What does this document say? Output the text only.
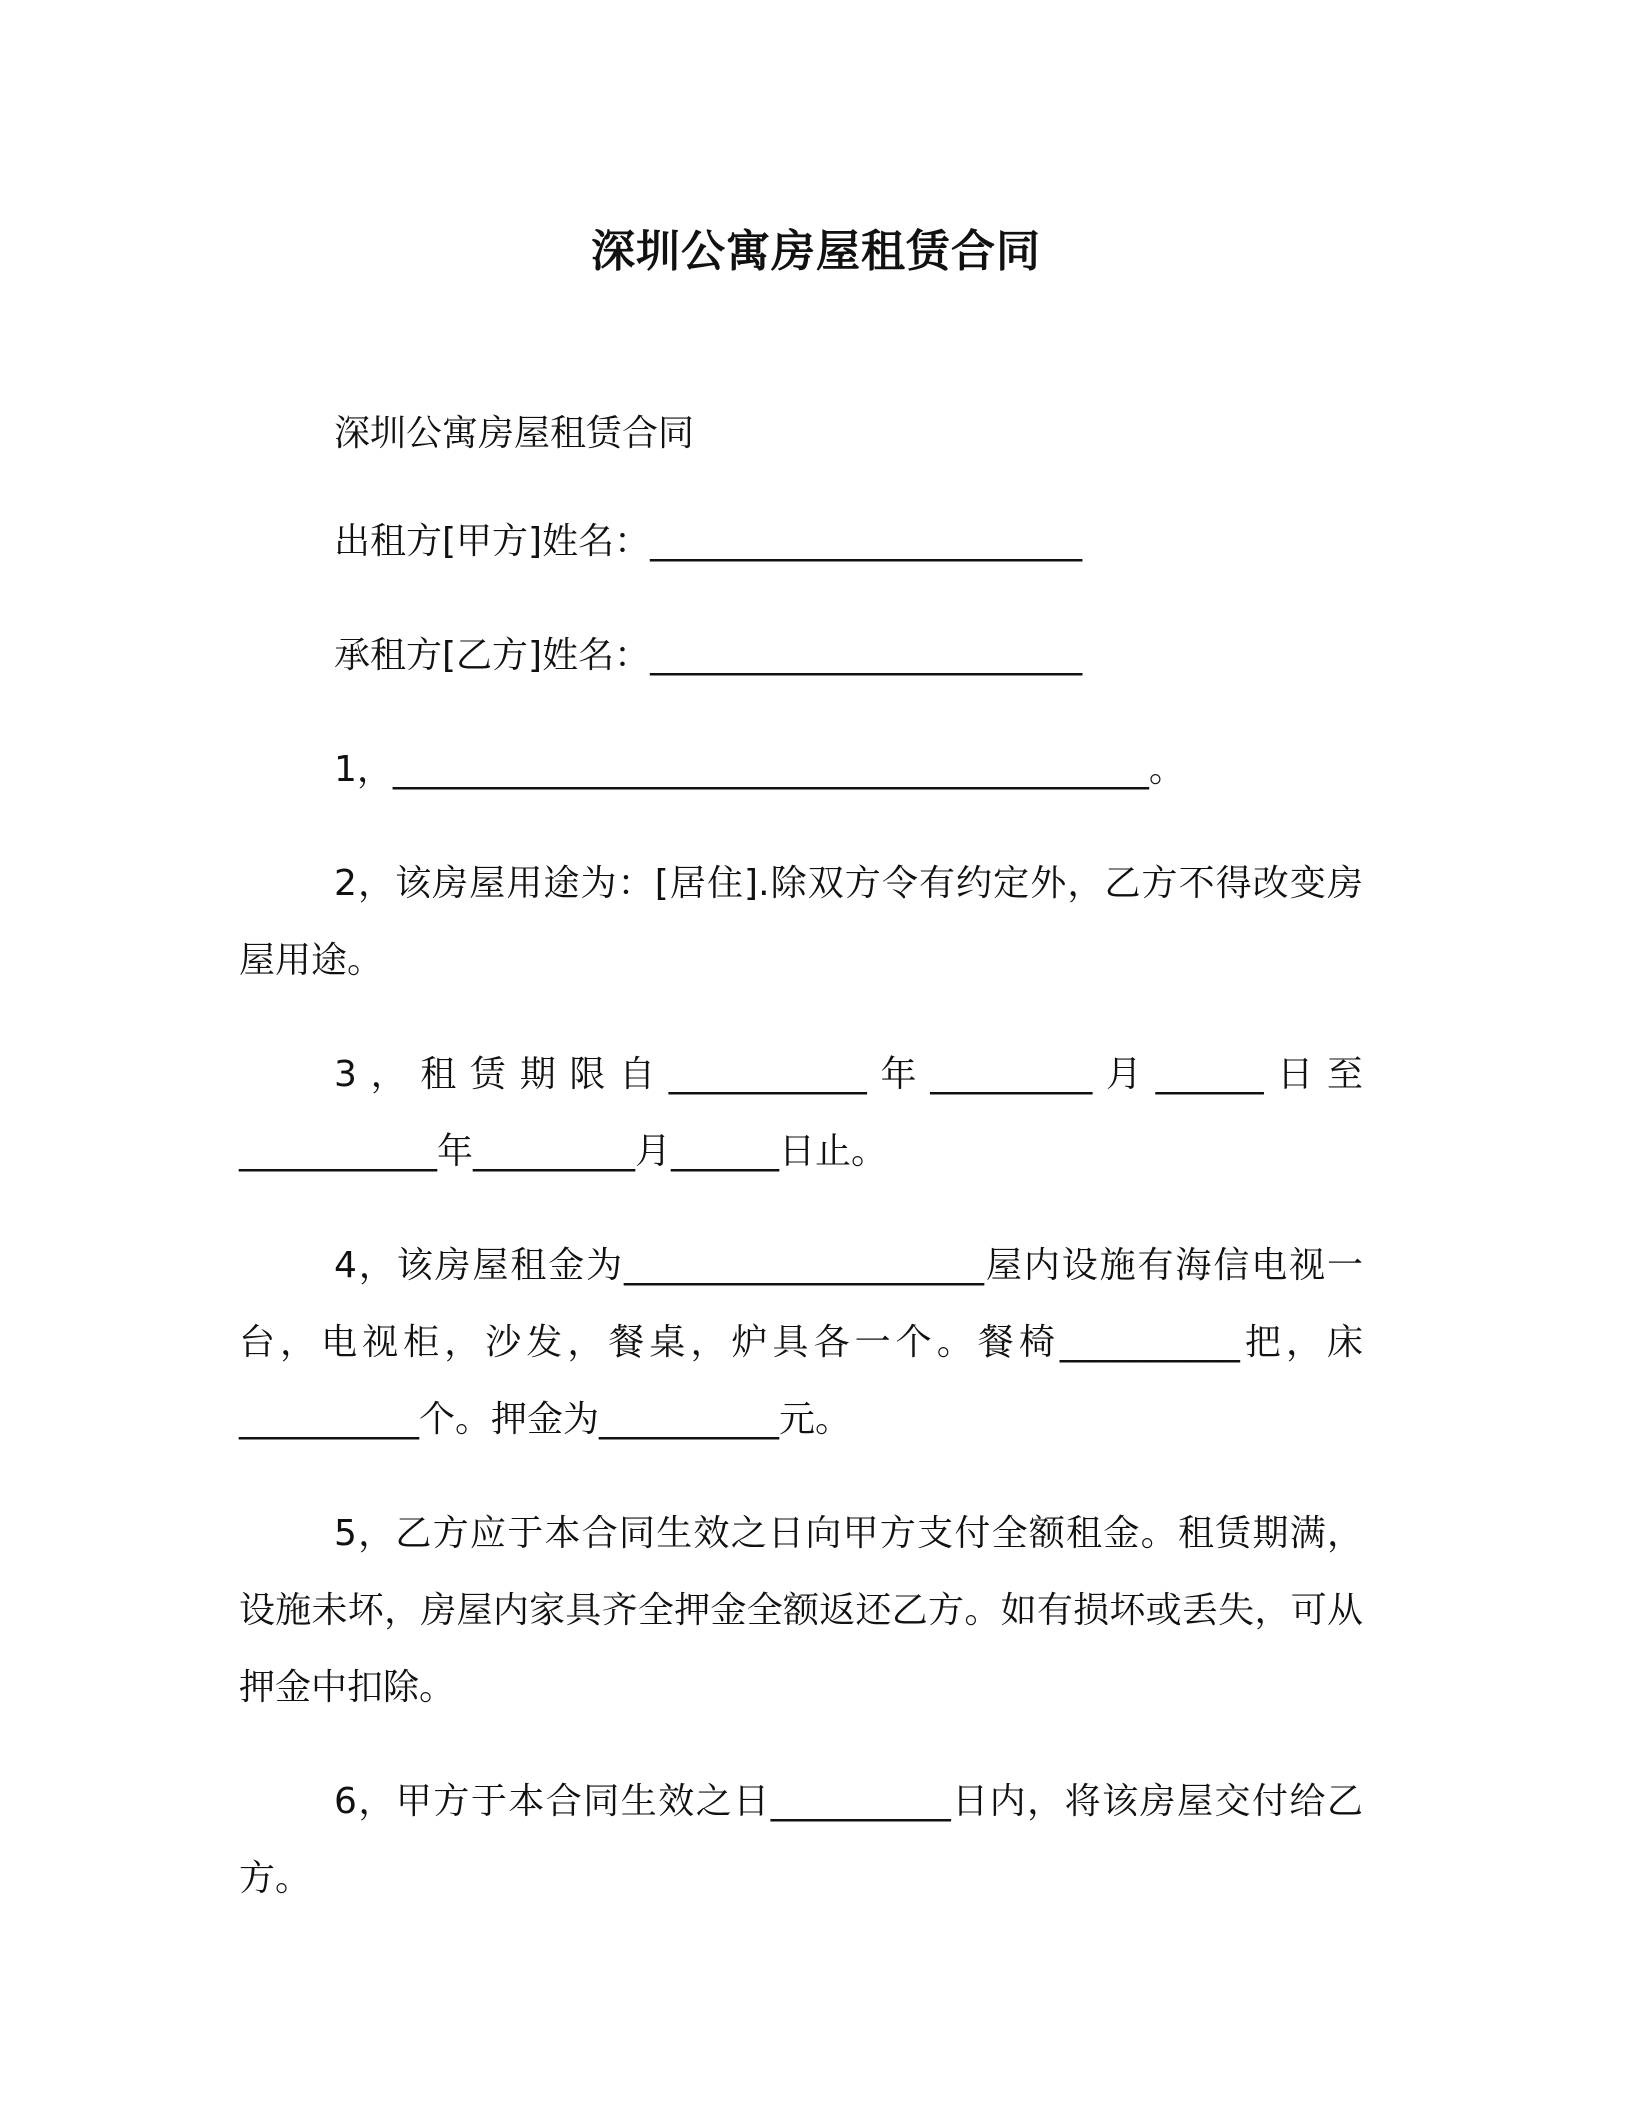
深圳公寓房屋租赁合同

深圳公寓房屋租赁合同

出租方[甲方]姓名：________________________

承租方[乙方]姓名：________________________

1，__________________________________________。

2，该房屋用途为：[居住].除双方令有约定外，乙方不得改变房屋用途。

3，租赁期限自___________年_________月______日至___________年_________月______日止。

4，该房屋租金为____________________屋内设施有海信电视一台，电视柜，沙发，餐桌，炉具各一个。餐椅__________把，床__________个。押金为__________元。

5，乙方应于本合同生效之日向甲方支付全额租金。租赁期满，设施未坏，房屋内家具齐全押金全额返还乙方。如有损坏或丢失，可从押金中扣除。

6，甲方于本合同生效之日__________日内，将该房屋交付给乙方。
